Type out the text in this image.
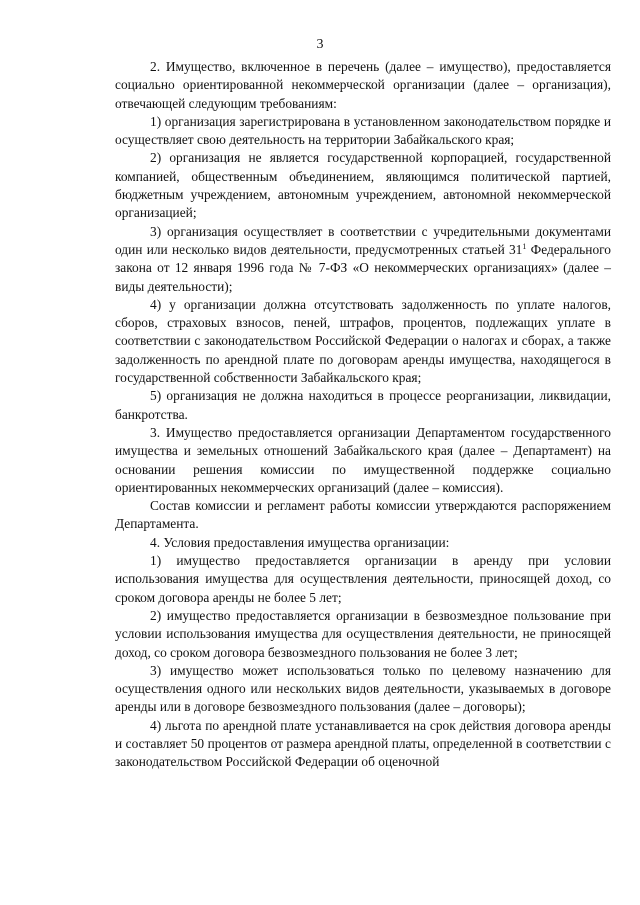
3

2. Имущество, включенное в перечень (далее – имущество), предоставляется социально ориентированной некоммерческой организации (далее – организация), отвечающей следующим требованиям:

1) организация зарегистрирована в установленном законодательством порядке и осуществляет свою деятельность на территории Забайкальского края;

2) организация не является государственной корпорацией, государственной компанией, общественным объединением, являющимся политической партией, бюджетным учреждением, автономным учреждением, автономной некоммерческой организацией;

3) организация осуществляет в соответствии с учредительными документами один или несколько видов деятельности, предусмотренных статьей $31^1$ Федерального закона от 12 января 1996 года № 7-ФЗ «О некоммерческих организациях» (далее – виды деятельности);

4) у организации должна отсутствовать задолженность по уплате налогов, сборов, страховых взносов, пеней, штрафов, процентов, подлежащих уплате в соответствии с законодательством Российской Федерации о налогах и сборах, а также задолженность по арендной плате по договорам аренды имущества, находящегося в государственной собственности Забайкальского края;

5) организация не должна находиться в процессе реорганизации, ликвидации, банкротства.

3. Имущество предоставляется организации Департаментом государственного имущества и земельных отношений Забайкальского края (далее – Департамент) на основании решения комиссии по имущественной поддержке социально ориентированных некоммерческих организаций (далее – комиссия).

Состав комиссии и регламент работы комиссии утверждаются распоряжением Департамента.

4. Условия предоставления имущества организации:

1) имущество предоставляется организации в аренду при условии использования имущества для осуществления деятельности, приносящей доход, со сроком договора аренды не более 5 лет;

2) имущество предоставляется организации в безвозмездное пользование при условии использования имущества для осуществления деятельности, не приносящей доход, со сроком договора безвозмездного пользования не более 3 лет;

3) имущество может использоваться только по целевому назначению для осуществления одного или нескольких видов деятельности, указываемых в договоре аренды или в договоре безвозмездного пользования (далее – договоры);

4) льгота по арендной плате устанавливается на срок действия договора аренды и составляет 50 процентов от размера арендной платы, определенной в соответствии с законодательством Российской Федерации об оценочной
